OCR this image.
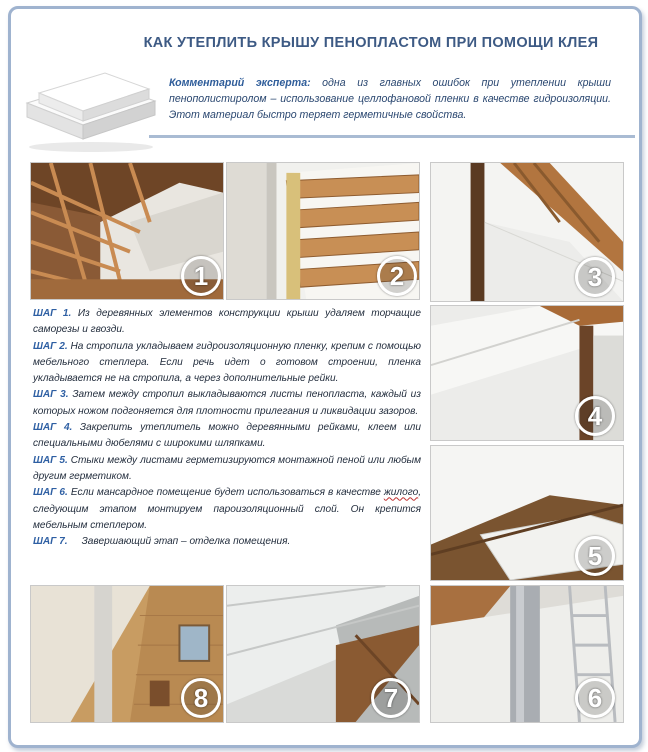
КАК УТЕПЛИТЬ КРЫШУ ПЕНОПЛАСТОМ ПРИ ПОМОЩИ КЛЕЯ
Комментарий эксперта: одна из главных ошибок при утеплении крыши пенополистиролом – использование целлофановой пленки в качестве гидроизоляции. Этот материал быстро теряет герметичные свойства.
1	2	3
4
5
6
7
8

ШАГ 1. Из деревянных элементов конструкции крыши удаляем торчащие саморезы и гвозди.

ШАГ 2. На стропила укладываем гидроизоляционную пленку, крепим с помощью мебельного степлера. Если речь идет о готовом строении, пленка укладывается не на стропила, а через дополнительные рейки.

ШАГ 3. Затем между стропил выкладываются листы пенопласта, каждый из которых ножом подгоняется для плотности прилегания и ликвидации зазоров.

ШАГ 4. Закрепить утеплитель можно деревянными рейками, клеем или специальными дюбелями с широкими шляпками.

ШАГ 5. Стыки между листами герметизируются монтажной пеной или любым другим герметиком.

ШАГ 6. Если мансардное помещение будет использоваться в качестве жилого, следующим этапом монтируем пароизоляционный слой. Он крепится мебельным степлером.

ШАГ 7.     Завершающий этап – отделка помещения.
